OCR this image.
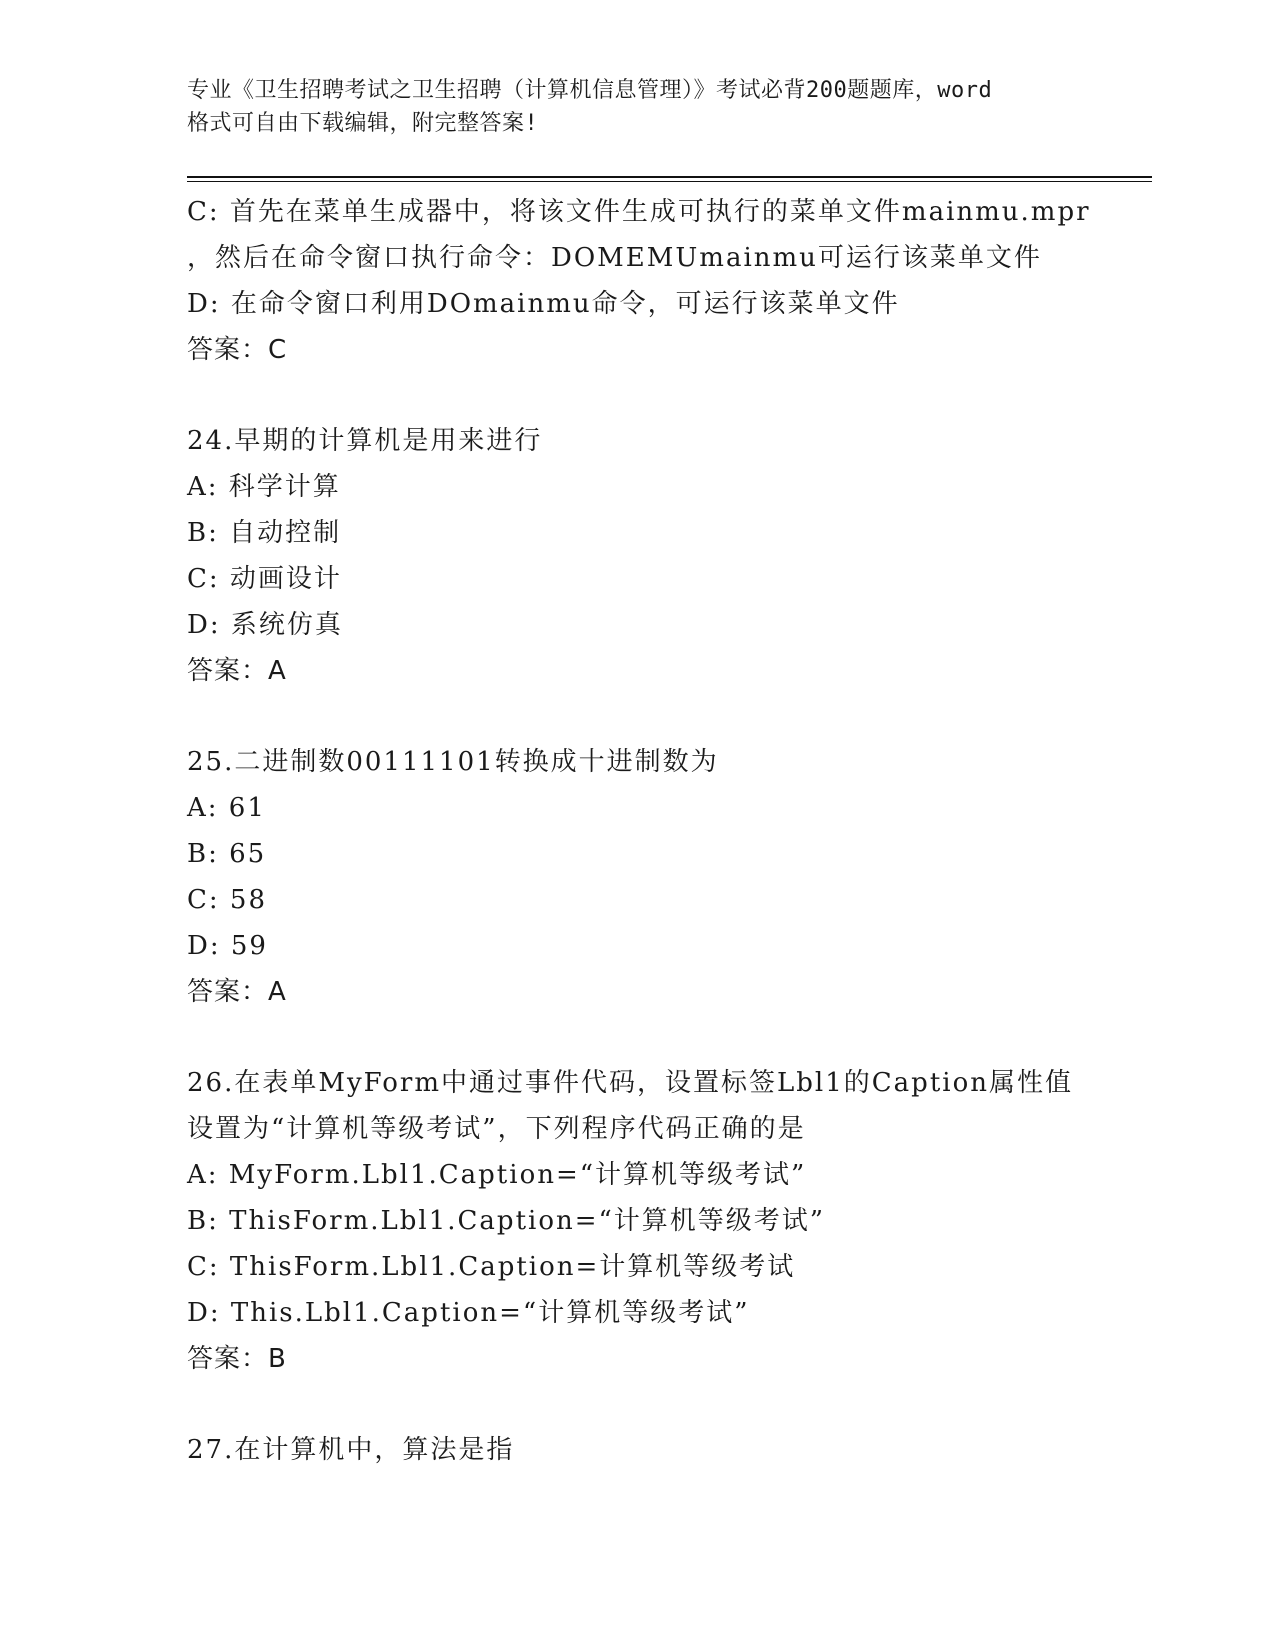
专业《卫生招聘考试之卫生招聘（计算机信息管理）》考试必背200题题库，word
格式可自由下载编辑，附完整答案!
C: 首先在菜单生成器中，将该文件生成可执行的菜单文件mainmu.mpr
，然后在命令窗口执行命令：DOMEMUmainmu可运行该菜单文件
D: 在命令窗口利用DOmainmu命令，可运行该菜单文件
答案：C
24.早期的计算机是用来进行
A: 科学计算
B: 自动控制
C: 动画设计
D: 系统仿真
答案：A
25.二进制数00111101转换成十进制数为
A: 61
B: 65
C: 58
D: 59
答案：A
26.在表单MyForm中通过事件代码，设置标签Lbl1的Caption属性值
设置为“计算机等级考试”，下列程序代码正确的是
A: MyForm.Lbl1.Caption=“计算机等级考试”
B: ThisForm.Lbl1.Caption=“计算机等级考试”
C: ThisForm.Lbl1.Caption=计算机等级考试
D: This.Lbl1.Caption=“计算机等级考试”
答案：B
27.在计算机中，算法是指
